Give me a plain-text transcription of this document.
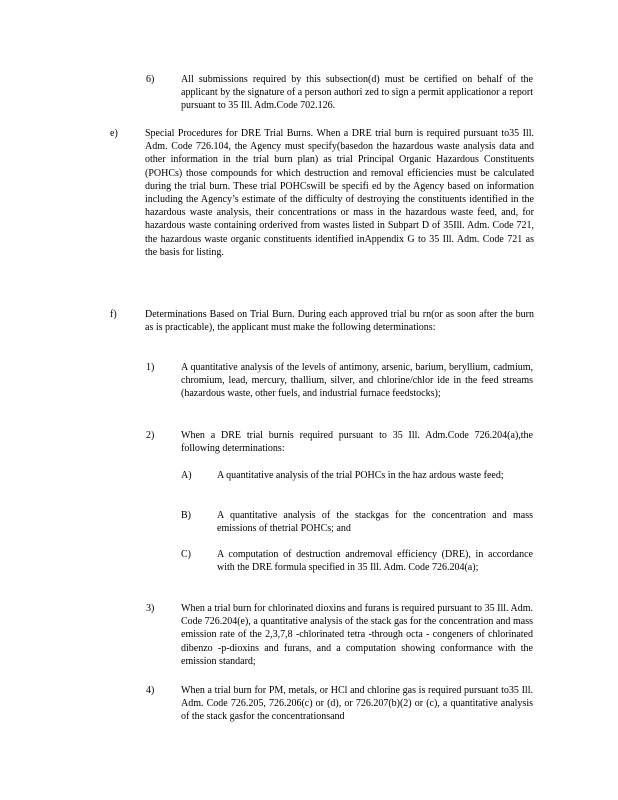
6)	All submissions required by this subsection(d) must be certified on behalf of the applicant by the signature of a person authori zed to sign a permit applicationor a report pursuant to 35 Ill. Adm.Code 702.126.

e)	Special Procedures for DRE Trial Burns. When a DRE trial burn is required pursuant to35 Ill. Adm. Code 726.104, the Agency must specify(basedon the hazardous waste analysis data and other information in the trial burn plan) as trial Principal Organic Hazardous Constituents (POHCs) those compounds for which destruction and removal efficiencies must be calculated during the trial burn. These trial POHCswill be specifi ed by the Agency based on information including the Agency’s estimate of the difficulty of destroying the constituents identified in the hazardous waste analysis, their concentrations or mass in the hazardous waste feed, and, for hazardous waste containing orderived from wastes listed in Subpart D of 35Ill. Adm. Code 721, the hazardous waste organic constituents identified inAppendix G to 35 Ill. Adm. Code 721 as the basis for listing.

f)	Determinations Based on Trial Burn. During each approved trial bu rn(or as soon after the burn as is practicable), the applicant must make the following determinations:

1)	A quantitative analysis of the levels of antimony, arsenic, barium, beryllium, cadmium, chromium, lead, mercury, thallium, silver, and chlorine/chlor ide in the feed streams (hazardous waste, other fuels, and industrial furnace feedstocks);

2)	When a DRE trial burnis required pursuant to 35 Ill. Adm.Code 726.204(a),the following determinations:

A)	A quantitative analysis of the trial POHCs in the haz ardous waste feed;

B)	A quantitative analysis of the stackgas for the concentration and mass emissions of thetrial POHCs; and

C)	A computation of destruction andremoval efficiency (DRE), in accordance with the DRE formula specified in 35 Ill. Adm. Code 726.204(a);

3)	When a trial burn for chlorinated dioxins and furans is required pursuant to 35 Ill. Adm. Code 726.204(e), a quantitative analysis of the stack gas for the concentration and mass emission rate of the 2,3,7,8 -chlorinated tetra -through octa - congeners of chlorinated dibenzo -p-dioxins and furans, and a computation showing conformance with the emission standard;

4)	When a trial burn for PM, metals, or HCl and chlorine gas is required pursuant to35 Ill. Adm. Code 726.205, 726.206(c) or (d), or 726.207(b)(2) or (c), a quantitative analysis of the stack gasfor the concentrationsand
